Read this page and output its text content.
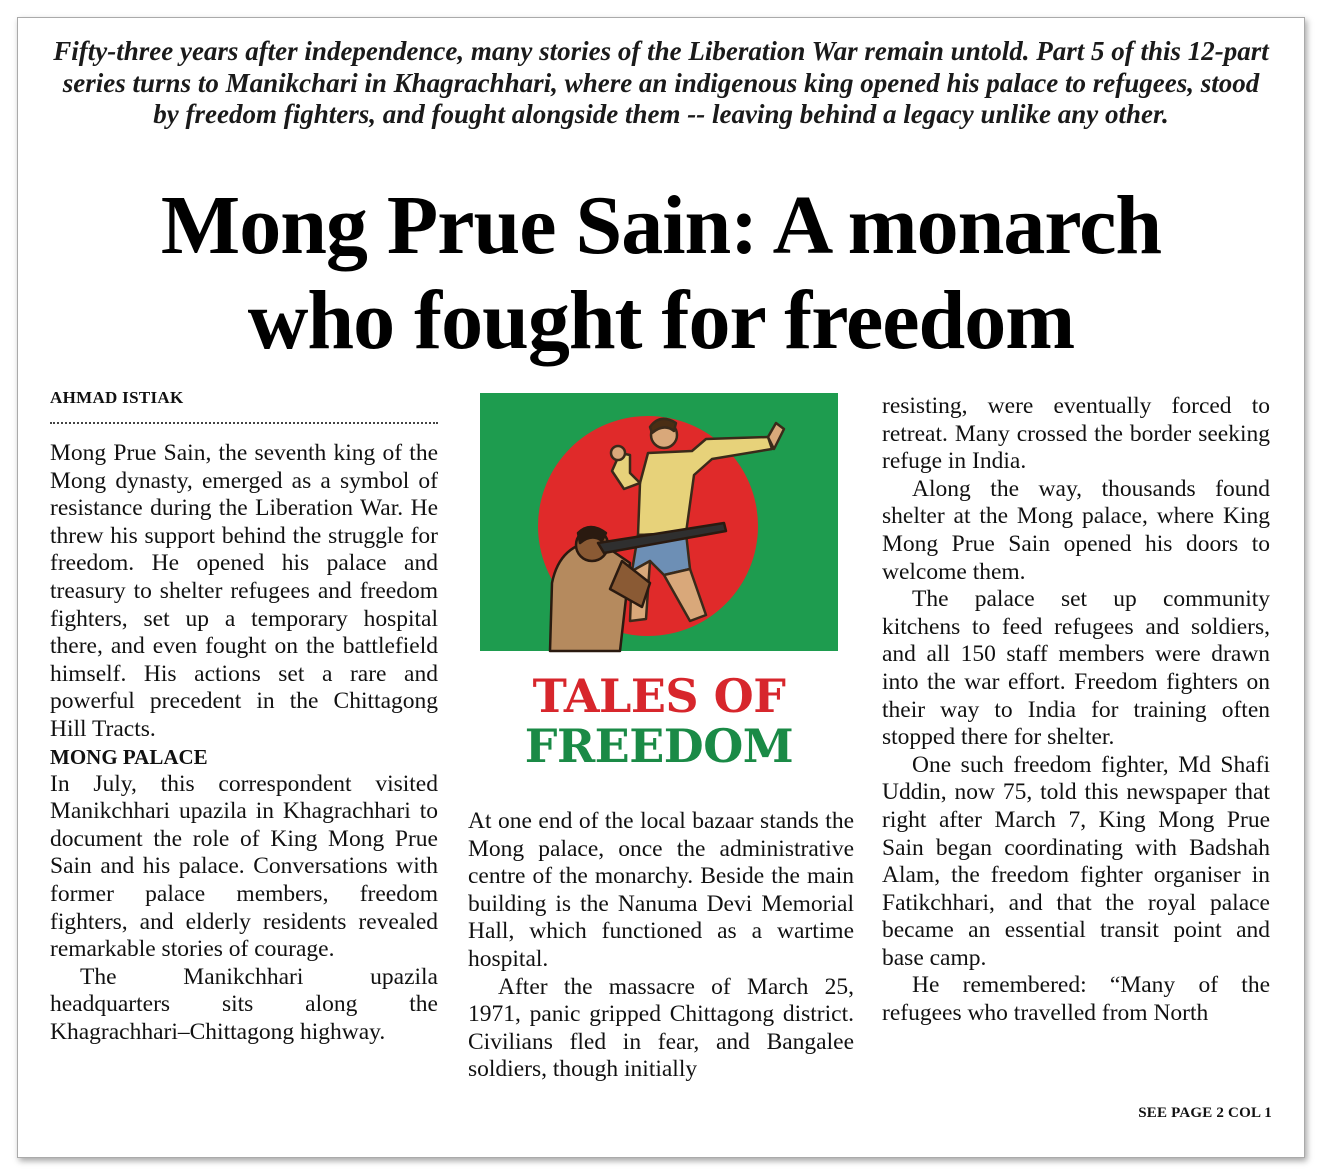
Fifty-three years after independence, many stories of the Liberation War remain untold. Part 5 of this 12-part series turns to Manikchari in Khagrachhari, where an indigenous king opened his palace to refugees, stood by freedom fighters, and fought alongside them -- leaving behind a legacy unlike any other.
Mong Prue Sain: A monarch
who fought for freedom
AHMAD ISTIAK

Mong Prue Sain, the seventh king of the Mong dynasty, emerged as a symbol of resistance during the Liberation War. He threw his support behind the struggle for freedom. He opened his palace and treasury to shelter refugees and freedom fighters, set up a temporary hospital there, and even fought on the battlefield himself. His actions set a rare and powerful precedent in the Chittagong Hill Tracts.

MONG PALACE

In July, this correspondent visited Manikchhari upazila in Khagrachhari to document the role of King Mong Prue Sain and his palace. Conversations with former palace members, freedom fighters, and elderly residents revealed remarkable stories of courage.

The Manikchhari upazila headquarters sits along the Khagrachhari–Chittagong highway.

TALES OF
FREEDOM

At one end of the local bazaar stands the Mong palace, once the administrative centre of the monarchy. Beside the main building is the Nanuma Devi Memorial Hall, which functioned as a wartime hospital.

After the massacre of March 25, 1971, panic gripped Chittagong district. Civilians fled in fear, and Bangalee soldiers, though initially

resisting, were eventually forced to retreat. Many crossed the border seeking refuge in India.

Along the way, thousands found shelter at the Mong palace, where King Mong Prue Sain opened his doors to welcome them.

The palace set up community kitchens to feed refugees and soldiers, and all 150 staff members were drawn into the war effort. Freedom fighters on their way to India for training often stopped there for shelter.

One such freedom fighter, Md Shafi Uddin, now 75, told this newspaper that right after March 7, King Mong Prue Sain began coordinating with Badshah Alam, the freedom fighter organiser in Fatikchhari, and that the royal palace became an essential transit point and base camp.

He remembered: “Many of the refugees who travelled from North

SEE PAGE 2 COL 1
